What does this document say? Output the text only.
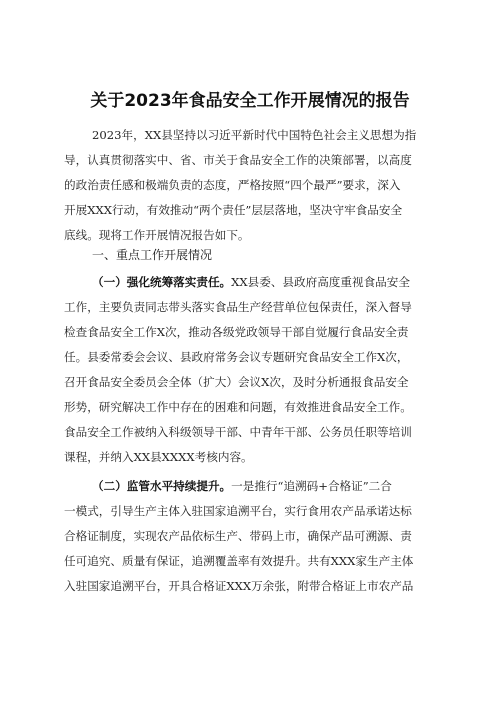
关于2023年食品安全工作开展情况的报告
2023年，XX县坚持以习近平新时代中国特色社会主义思想为指
导，认真贯彻落实中、省、市关于食品安全工作的决策部署，以高度
的政治责任感和极端负责的态度，严格按照“四个最严”要求，深入
开展XXX行动，有效推动“两个责任”层层落地，坚决守牢食品安全
底线。现将工作开展情况报告如下。
一、重点工作开展情况
（一）强化统筹落实责任。XX县委、县政府高度重视食品安全
工作，主要负责同志带头落实食品生产经营单位包保责任，深入督导
检查食品安全工作X次，推动各级党政领导干部自觉履行食品安全责
任。县委常委会会议、县政府常务会议专题研究食品安全工作X次，
召开食品安全委员会全体（扩大）会议X次，及时分析通报食品安全
形势，研究解决工作中存在的困难和问题，有效推进食品安全工作。
食品安全工作被纳入科级领导干部、中青年干部、公务员任职等培训
课程，并纳入XX县XXXX考核内容。
（二）监管水平持续提升。一是推行“追溯码+合格证”二合
一模式，引导生产主体入驻国家追溯平台，实行食用农产品承诺达标
合格证制度，实现农产品依标生产、带码上市，确保产品可溯源、责
任可追究、质量有保证，追溯覆盖率有效提升。共有XXX家生产主体
入驻国家追溯平台，开具合格证XXX万余张，附带合格证上市农产品
